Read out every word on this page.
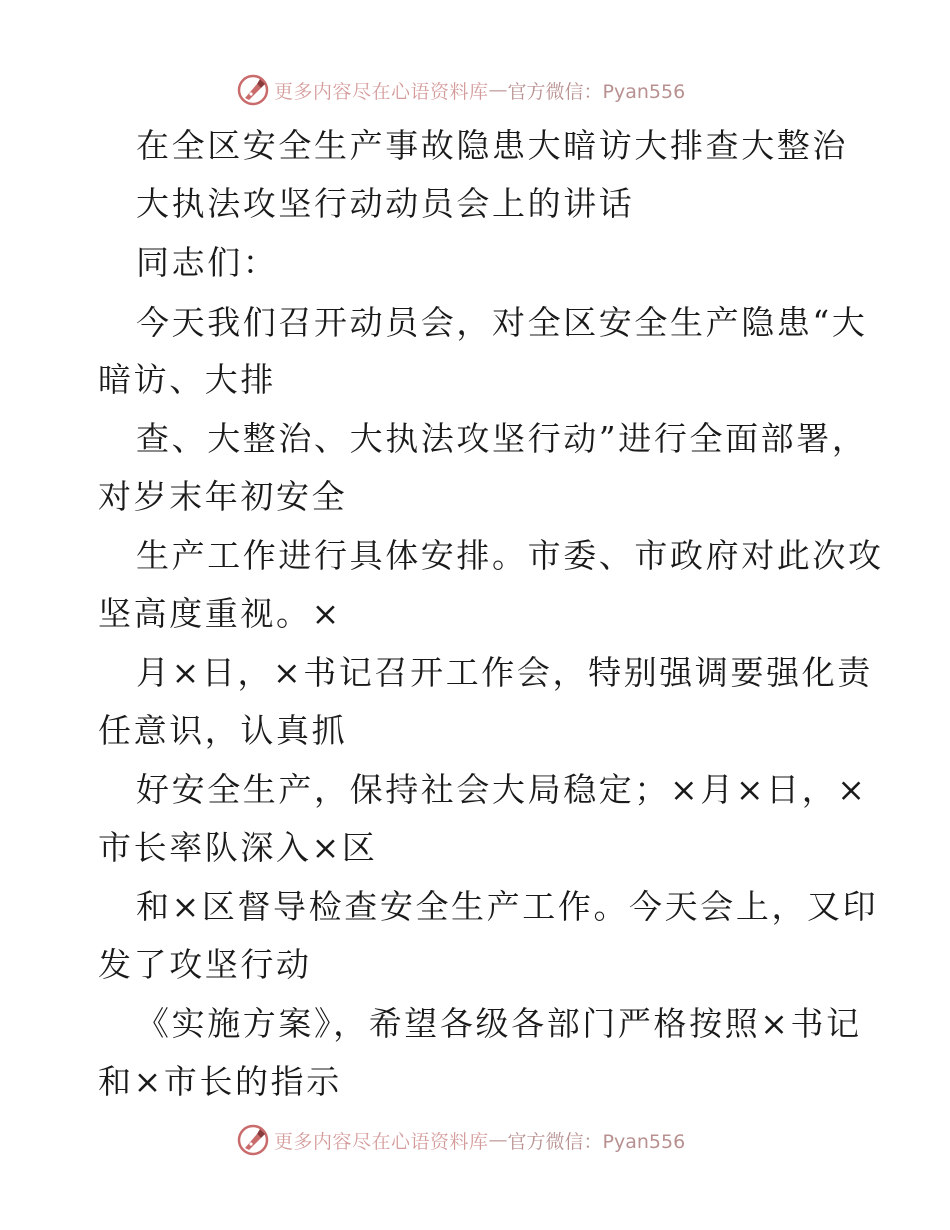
更多内容尽在心语资料库 — 官方微信：Pyan556
在全区安全生产事故隐患大暗访大排查大整治
大执法攻坚行动动员会上的讲话
同志们：
今天我们召开动员会，对全区安全生产隐患“大
暗访、大排
查、大整治、大执法攻坚行动”进行全面部署，
对岁末年初安全
生产工作进行具体安排。市委、市政府对此次攻
坚高度重视。×
月×日，×书记召开工作会，特别强调要强化责
任意识，认真抓
好安全生产，保持社会大局稳定；×月×日，×
市长率队深入×区
和×区督导检查安全生产工作。今天会上，又印
发了攻坚行动
《实施方案》，希望各级各部门严格按照×书记
和×市长的指示
更多内容尽在心语资料库 — 官方微信：Pyan556
